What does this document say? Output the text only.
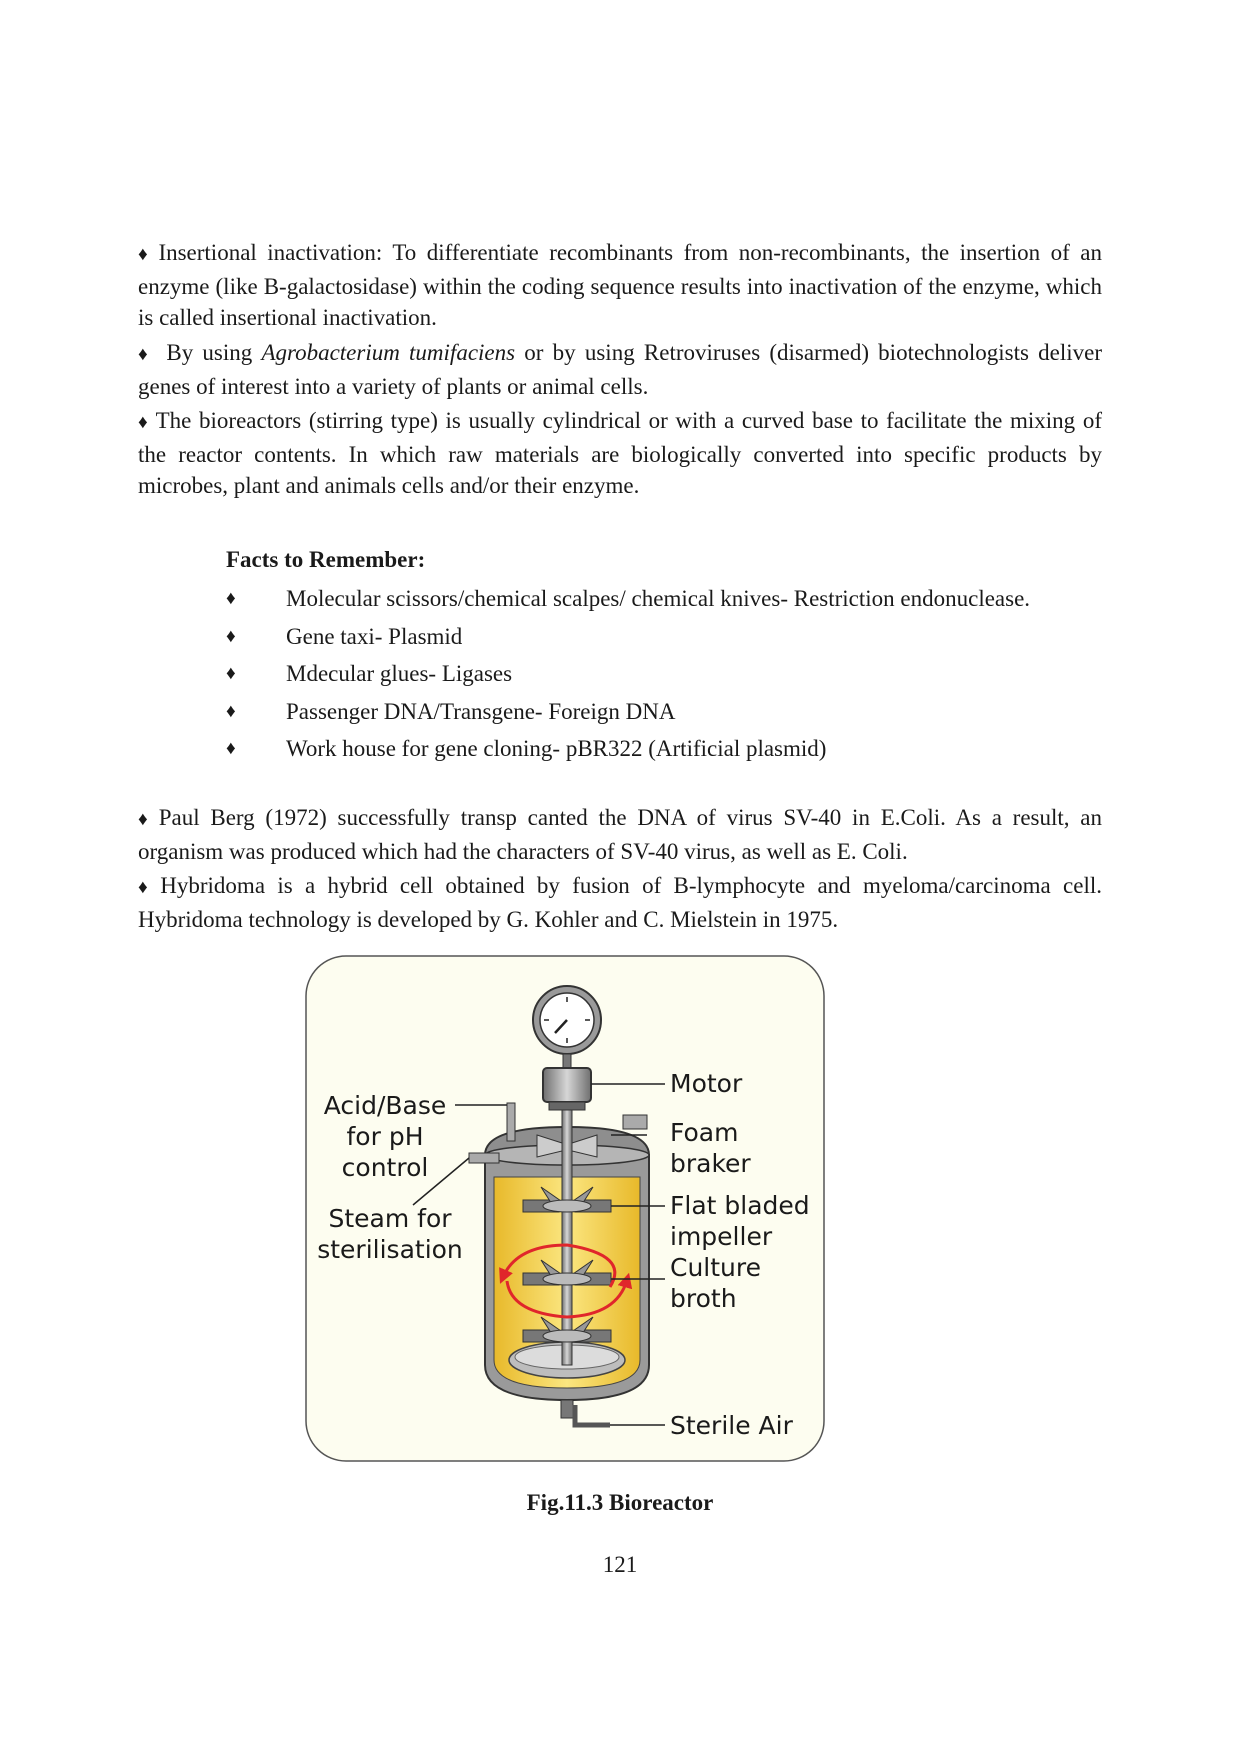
♦ Insertional inactivation: To differentiate recombinants from non-recombinants, the insertion of an enzyme (like B-galactosidase) within the coding sequence results into inactivation of the enzyme, which is called insertional inactivation.

♦ By using Agrobacterium tumifaciens or by using Retroviruses (disarmed) biotechnologists deliver genes of interest into a variety of plants or animal cells.

♦ The bioreactors (stirring type) is usually cylindrical or with a curved base to facilitate the mixing of the reactor contents. In which raw materials are biologically converted into specific products by microbes, plant and animals cells and/or their enzyme.

Facts to Remember:

♦	Molecular scissors/chemical scalpes/ chemical knives- Restriction endonuclease.
♦	Gene taxi- Plasmid
♦	Mdecular glues- Ligases
♦	Passenger DNA/Transgene- Foreign DNA
♦	Work house for gene cloning- pBR322 (Artificial plasmid)

♦ Paul Berg (1972) successfully transp canted the DNA of virus SV-40 in E.Coli. As a result, an organism was produced which had the characters of SV-40 virus, as well as E. Coli.

♦ Hybridoma is a hybrid cell obtained by fusion of B-lymphocyte and myeloma/carcinoma cell. Hybridoma technology is developed by G. Kohler and C. Mielstein in 1975.

Acid/Base
for pH
control
Steam for
sterilisation
Motor
Foam
braker
Flat bladed
impeller
Culture
broth
Sterile Air
Fig.11.3 Bioreactor
121
